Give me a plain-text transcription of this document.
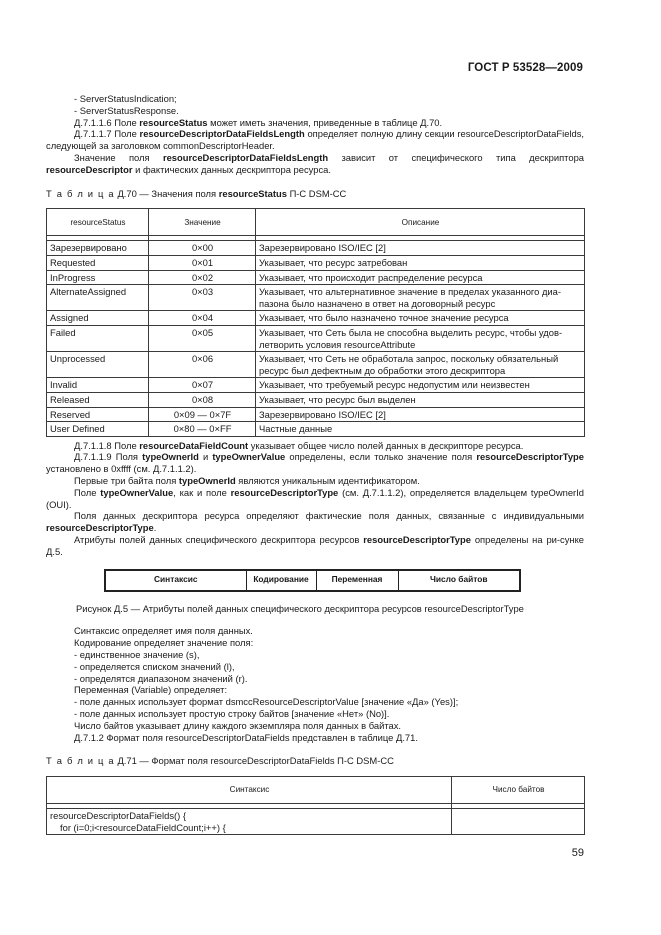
ГОСТ Р 53528—2009

- ServerStatusIndication;

- ServerStatusResponse.

Д.7.1.1.6 Поле resourceStatus может иметь значения, приведенные в таблице Д.70.

Д.7.1.1.7 Поле resourceDescriptorDataFieldsLength определяет полную длину секции resourceDescriptorDataFields, следующей за заголовком commonDescriptorHeader.

Значение поля resourceDescriptorDataFieldsLength зависит от специфического типа дескриптора resourceDescriptor и фактических данных дескриптора ресурса.

Т а б л и ц а Д.70 — Значения поля resourceStatus П-С DSM-CC

resourceStatus	Значение	Описание

Зарезервировано	0×00	Зарезервировано ISO/IEC [2]
Requested	0×01	Указывает, что ресурс затребован
InProgress	0×02	Указывает, что происходит распределение ресурса
AlternateAssigned	0×03	Указывает, что альтернативное значение в пределах указанного диа-пазона было назначено в ответ на договорный ресурс
Assigned	0×04	Указывает, что было назначено точное значение ресурса
Failed	0×05	Указывает, что Сеть была не способна выделить ресурс, чтобы удов-летворить условия resourceAttribute
Unprocessed	0×06	Указывает, что Сеть не обработала запрос, поскольку обязательный ресурс был дефектным до обработки этого дескриптора
Invalid	0×07	Указывает, что требуемый ресурс недопустим или неизвестен
Released	0×08	Указывает, что ресурс был выделен
Reserved	0×09 — 0×7F	Зарезервировано ISO/IEC [2]
User Defined	0×80 — 0×FF	Частные данные

Д.7.1.1.8 Поле resourceDataFieldCount указывает общее число полей данных в дескрипторе ресурса.

Д.7.1.1.9 Поля typeOwnerId и typeOwnerValue определены, если только значение поля resourceDescriptorType установлено в 0xffff (см. Д.7.1.1.2).

Первые три байта поля typeOwnerId являются уникальным идентификатором.

Поле typeOwnerValue, как и поле resourceDescriptorType (см. Д.7.1.1.2), определяется владельцем typeOwnerId (OUI).

Поля данных дескриптора ресурса определяют фактические поля данных, связанные с индивидуальными resourceDescriptorType.

Атрибуты полей данных специфического дескриптора ресурсов resourceDescriptorType определены на ри-сунке Д.5.

Синтаксис	Кодирование	Переменная	Число байтов

Рисунок Д.5 — Атрибуты полей данных специфического дескриптора ресурсов resourceDescriptorType

Синтаксис определяет имя поля данных.

Кодирование определяет значение поля:

- единственное значение (s),

- определяется списком значений (l),

- определятся диапазоном значений (r).

Переменная (Variable) определяет:

- поле данных использует формат dsmccResourceDescriptorValue [значение «Да» (Yes)];

- поле данных использует простую строку байтов [значение «Нет» (No)].

Число байтов указывает длину каждого экземпляра поля данных в байтах.

Д.7.1.2 Формат поля resourceDescriptorDataFields представлен в таблице Д.71.

Т а б л и ц а Д.71 — Формат поля resourceDescriptorDataFields П-С DSM-CC

Синтаксис	Число байтов

resourceDescriptorDataFields() {
for (i=0;i<resourceDataFieldCount;i++) {	

59
